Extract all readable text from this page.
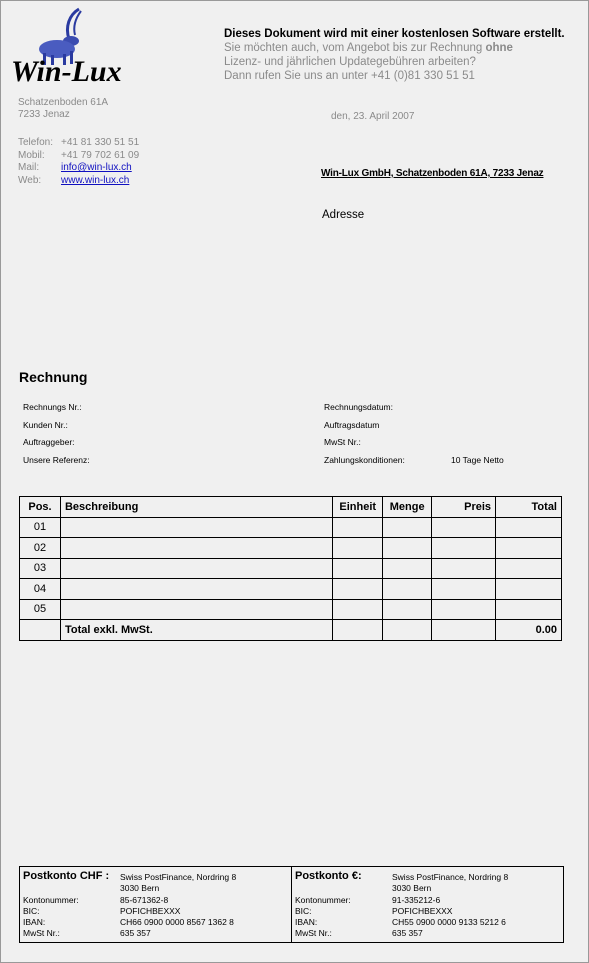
Win-Lux
Dieses Dokument wird mit einer kostenlosen Software erstellt.
Sie möchten auch, vom Angebot bis zur Rechnung ohne
Lizenz- und jährlichen Updategebühren arbeiten?
Dann rufen Sie uns an unter +41 (0)81 330 51 51
Schatzenboden 61A
7233 Jenaz
Telefon: +41 81 330 51 51
Mobil:	+41 79 702 61 09
Mail:	info@win-lux.ch
Web:	www.win-lux.ch
den, 23. April 2007
Win-Lux GmbH, Schatzenboden 61A, 7233 Jenaz
Adresse
Rechnung
Rechnungs Nr.:
Kunden Nr.:
Auftraggeber:
Unsere Referenz:
Rechnungsdatum:
Auftragsdatum
MwSt Nr.:
Zahlungskonditionen:	10 Tage Netto
Pos.	Beschreibung	Einheit	Menge	Preis	Total
01					
02					
03					
04					
05					
	Total exkl. MwSt.				0.00
Postkonto CHF : Swiss PostFinance, Nordring 8
3030 Bern
Kontonummer:	85-671362-8
BIC:	POFICHBEXXX
IBAN:	CH66 0900 0000 8567 1362 8
MwSt Nr.:	635 357
Postkonto €:	Swiss PostFinance, Nordring 8
3030 Bern
Kontonummer:	91-335212-6
BIC:	POFICHBEXXX
IBAN:	CH55 0900 0000 9133 5212 6
MwSt Nr.:	635 357
